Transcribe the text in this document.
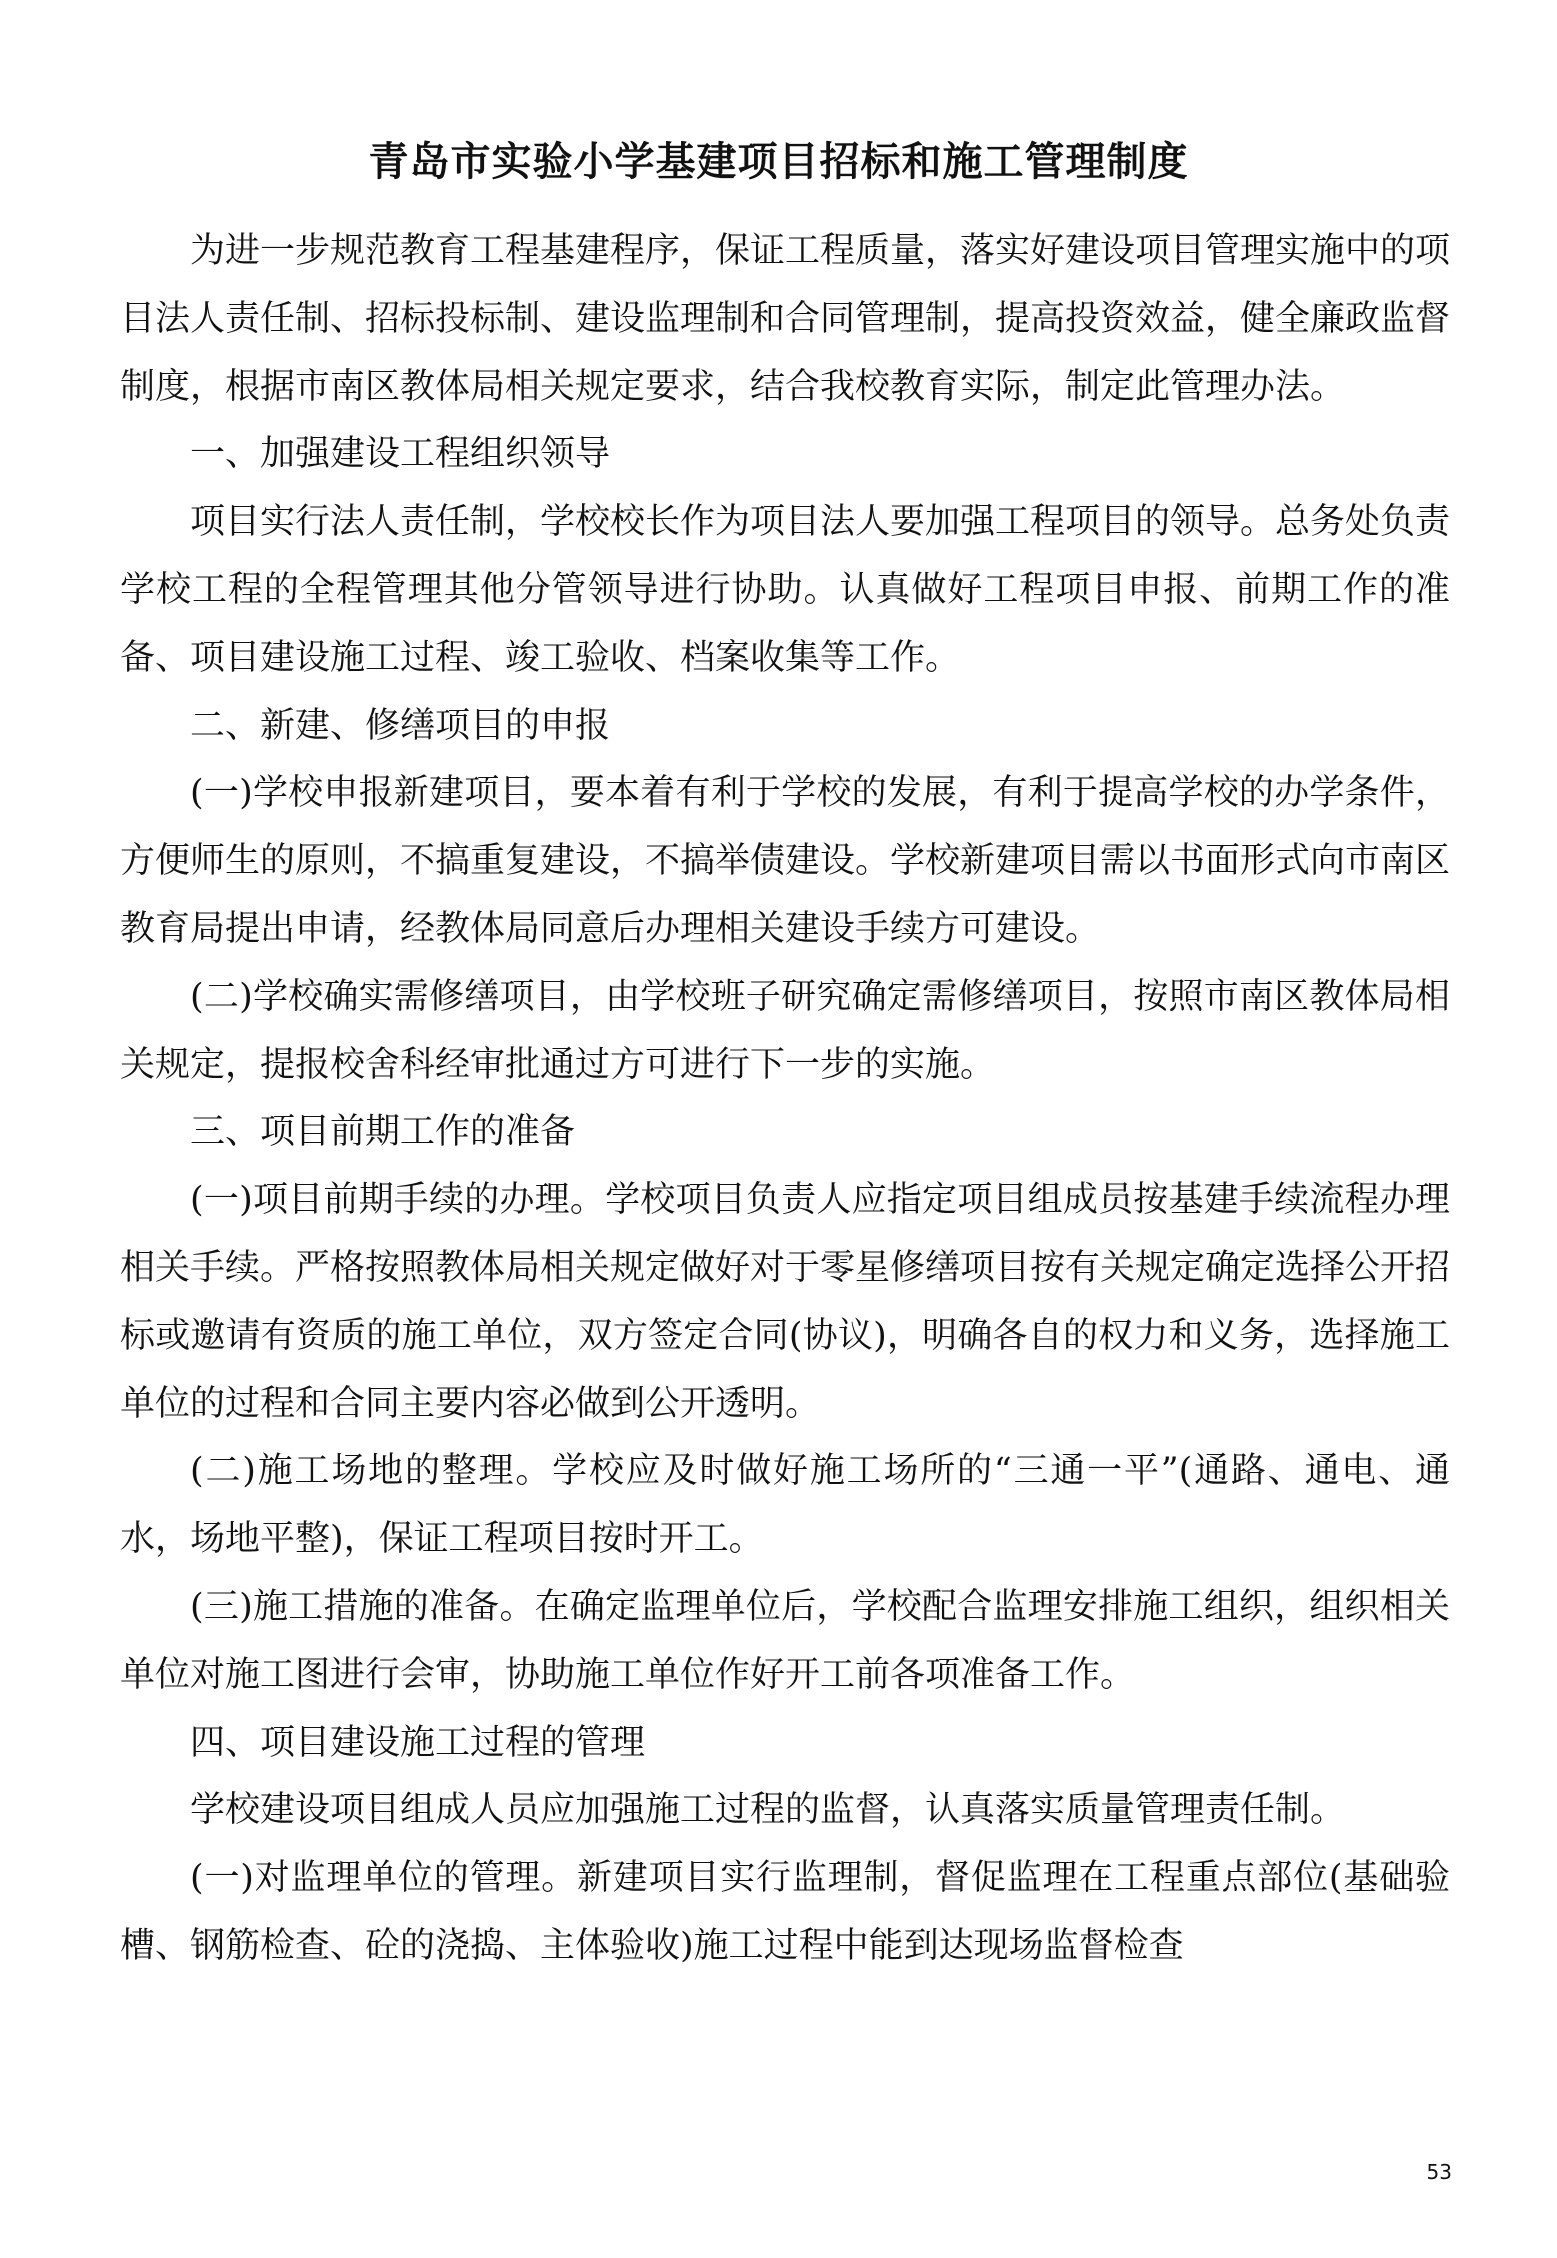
青岛市实验小学基建项目招标和施工管理制度

为进一步规范教育工程基建程序，保证工程质量，落实好建设项目管理实施中的项目法人责任制、招标投标制、建设监理制和合同管理制，提高投资效益，健全廉政监督制度，根据市南区教体局相关规定要求，结合我校教育实际，制定此管理办法。

一、加强建设工程组织领导

项目实行法人责任制，学校校长作为项目法人要加强工程项目的领导。总务处负责学校工程的全程管理其他分管领导进行协助。认真做好工程项目申报、前期工作的准备、项目建设施工过程、竣工验收、档案收集等工作。

二、新建、修缮项目的申报

(一)学校申报新建项目，要本着有利于学校的发展，有利于提高学校的办学条件，方便师生的原则，不搞重复建设，不搞举债建设。学校新建项目需以书面形式向市南区教育局提出申请，经教体局同意后办理相关建设手续方可建设。

(二)学校确实需修缮项目，由学校班子研究确定需修缮项目，按照市南区教体局相关规定，提报校舍科经审批通过方可进行下一步的实施。

三、项目前期工作的准备

(一)项目前期手续的办理。学校项目负责人应指定项目组成员按基建手续流程办理相关手续。严格按照教体局相关规定做好对于零星修缮项目按有关规定确定选择公开招标或邀请有资质的施工单位，双方签定合同(协议)，明确各自的权力和义务，选择施工单位的过程和合同主要内容必做到公开透明。

(二)施工场地的整理。学校应及时做好施工场所的“三通一平”(通路、通电、通水，场地平整)，保证工程项目按时开工。

(三)施工措施的准备。在确定监理单位后，学校配合监理安排施工组织，组织相关单位对施工图进行会审，协助施工单位作好开工前各项准备工作。

四、项目建设施工过程的管理

学校建设项目组成人员应加强施工过程的监督，认真落实质量管理责任制。

(一)对监理单位的管理。新建项目实行监理制，督促监理在工程重点部位(基础验槽、钢筋检查、砼的浇捣、主体验收)施工过程中能到达现场监督检查

53
